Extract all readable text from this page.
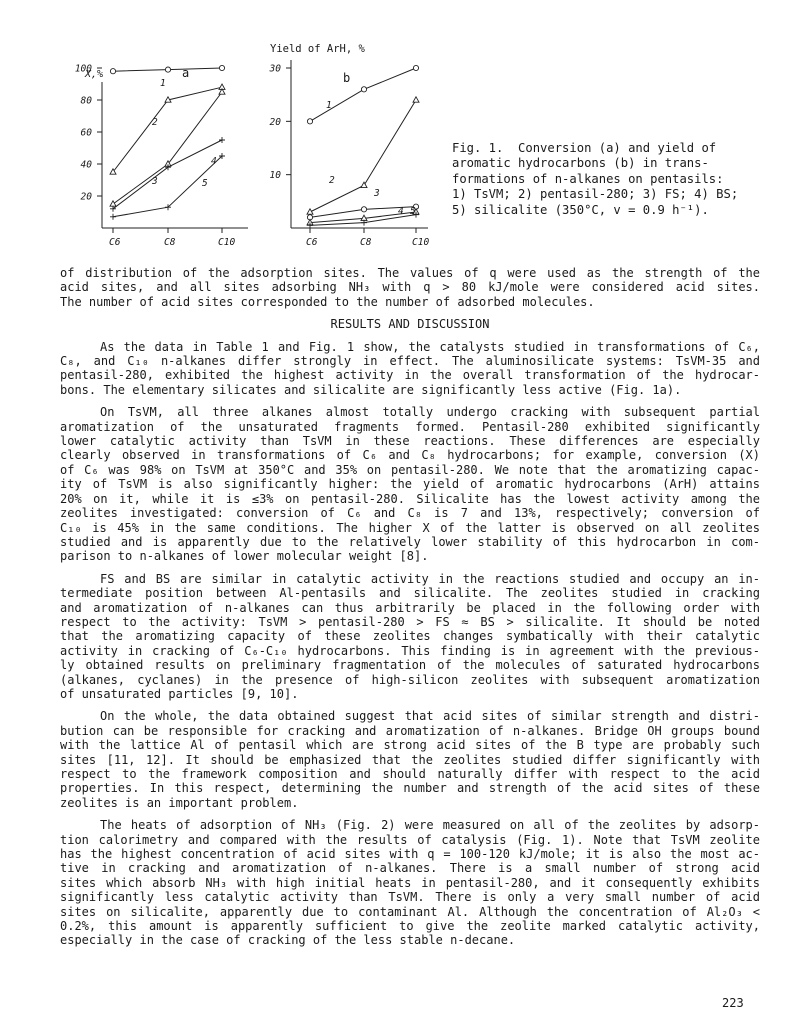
X,%	a
100
80
60
40
20
C6	C8	C10
1
2
3
4
5
Yield of ArH, %
b
30
20
10
C6	C8	C10
1
2
3
4 5
Fig. 1.  Conversion (a) and yield of
aromatic hydrocarbons (b) in trans-
formations of n-alkanes on pentasils:
1) TsVM; 2) pentasil-280; 3) FS; 4) BS;
5) silicalite (350°C, v = 0.9 h⁻¹).
of distribution of the adsorption sites. The values of q were used as the strength of the
acid sites, and all sites adsorbing NH₃ with q > 80 kJ/mole were considered acid sites.
The number of acid sites corresponded to the number of adsorbed molecules.
RESULTS AND DISCUSSION
As the data in Table 1 and Fig. 1 show, the catalysts studied in transformations of C₆,
C₈, and C₁₀ n-alkanes differ strongly in effect. The aluminosilicate systems: TsVM-35 and
pentasil-280, exhibited the highest activity in the overall transformation of the hydrocar-
bons. The elementary silicates and silicalite are significantly less active (Fig. 1a).
On TsVM, all three alkanes almost totally undergo cracking with subsequent partial
aromatization of the unsaturated fragments formed. Pentasil-280 exhibited significantly
lower catalytic activity than TsVM in these reactions. These differences are especially
clearly observed in transformations of C₆ and C₈ hydrocarbons; for example, conversion (X)
of C₆ was 98% on TsVM at 350°C and 35% on pentasil-280. We note that the aromatizing capac-
ity of TsVM is also significantly higher: the yield of aromatic hydrocarbons (ArH) attains
20% on it, while it is ≤3% on pentasil-280. Silicalite has the lowest activity among the
zeolites investigated: conversion of C₆ and C₈ is 7 and 13%, respectively; conversion of
C₁₀ is 45% in the same conditions. The higher X of the latter is observed on all zeolites
studied and is apparently due to the relatively lower stability of this hydrocarbon in com-
parison to n-alkanes of lower molecular weight [8].
FS and BS are similar in catalytic activity in the reactions studied and occupy an in-
termediate position between Al-pentasils and silicalite. The zeolites studied in cracking
and aromatization of n-alkanes can thus arbitrarily be placed in the following order with
respect to the activity: TsVM > pentasil-280 > FS ≈ BS > silicalite. It should be noted
that the aromatizing capacity of these zeolites changes symbatically with their catalytic
activity in cracking of C₆-C₁₀ hydrocarbons. This finding is in agreement with the previous-
ly obtained results on preliminary fragmentation of the molecules of saturated hydrocarbons
(alkanes, cyclanes) in the presence of high-silicon zeolites with subsequent aromatization
of unsaturated particles [9, 10].
On the whole, the data obtained suggest that acid sites of similar strength and distri-
bution can be responsible for cracking and aromatization of n-alkanes. Bridge OH groups bound
with the lattice Al of pentasil which are strong acid sites of the B type are probably such
sites [11, 12]. It should be emphasized that the zeolites studied differ significantly with
respect to the framework composition and should naturally differ with respect to the acid
properties. In this respect, determining the number and strength of the acid sites of these
zeolites is an important problem.
The heats of adsorption of NH₃ (Fig. 2) were measured on all of the zeolites by adsorp-
tion calorimetry and compared with the results of catalysis (Fig. 1). Note that TsVM zeolite
has the highest concentration of acid sites with q = 100-120 kJ/mole; it is also the most ac-
tive in cracking and aromatization of n-alkanes. There is a small number of strong acid
sites which absorb NH₃ with high initial heats in pentasil-280, and it consequently exhibits
significantly less catalytic activity than TsVM. There is only a very small number of acid
sites on silicalite, apparently due to contaminant Al. Although the concentration of Al₂O₃ <
0.2%, this amount is apparently sufficient to give the zeolite marked catalytic activity,
especially in the case of cracking of the less stable n-decane.
223
